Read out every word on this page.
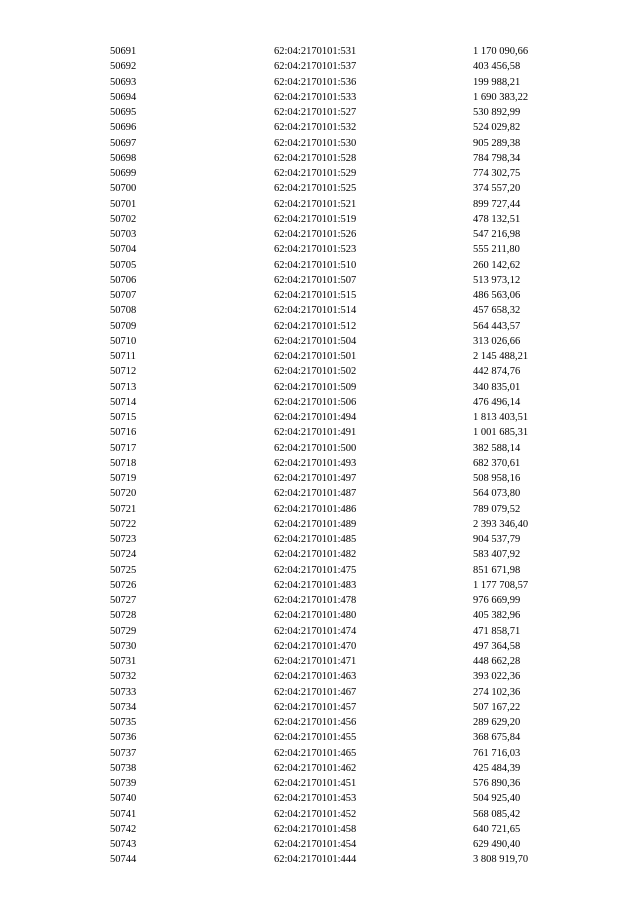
50691	62:04:2170101:531	1 170 090,66
50692	62:04:2170101:537	403 456,58
50693	62:04:2170101:536	199 988,21
50694	62:04:2170101:533	1 690 383,22
50695	62:04:2170101:527	530 892,99
50696	62:04:2170101:532	524 029,82
50697	62:04:2170101:530	905 289,38
50698	62:04:2170101:528	784 798,34
50699	62:04:2170101:529	774 302,75
50700	62:04:2170101:525	374 557,20
50701	62:04:2170101:521	899 727,44
50702	62:04:2170101:519	478 132,51
50703	62:04:2170101:526	547 216,98
50704	62:04:2170101:523	555 211,80
50705	62:04:2170101:510	260 142,62
50706	62:04:2170101:507	513 973,12
50707	62:04:2170101:515	486 563,06
50708	62:04:2170101:514	457 658,32
50709	62:04:2170101:512	564 443,57
50710	62:04:2170101:504	313 026,66
50711	62:04:2170101:501	2 145 488,21
50712	62:04:2170101:502	442 874,76
50713	62:04:2170101:509	340 835,01
50714	62:04:2170101:506	476 496,14
50715	62:04:2170101:494	1 813 403,51
50716	62:04:2170101:491	1 001 685,31
50717	62:04:2170101:500	382 588,14
50718	62:04:2170101:493	682 370,61
50719	62:04:2170101:497	508 958,16
50720	62:04:2170101:487	564 073,80
50721	62:04:2170101:486	789 079,52
50722	62:04:2170101:489	2 393 346,40
50723	62:04:2170101:485	904 537,79
50724	62:04:2170101:482	583 407,92
50725	62:04:2170101:475	851 671,98
50726	62:04:2170101:483	1 177 708,57
50727	62:04:2170101:478	976 669,99
50728	62:04:2170101:480	405 382,96
50729	62:04:2170101:474	471 858,71
50730	62:04:2170101:470	497 364,58
50731	62:04:2170101:471	448 662,28
50732	62:04:2170101:463	393 022,36
50733	62:04:2170101:467	274 102,36
50734	62:04:2170101:457	507 167,22
50735	62:04:2170101:456	289 629,20
50736	62:04:2170101:455	368 675,84
50737	62:04:2170101:465	761 716,03
50738	62:04:2170101:462	425 484,39
50739	62:04:2170101:451	576 890,36
50740	62:04:2170101:453	504 925,40
50741	62:04:2170101:452	568 085,42
50742	62:04:2170101:458	640 721,65
50743	62:04:2170101:454	629 490,40
50744	62:04:2170101:444	3 808 919,70
